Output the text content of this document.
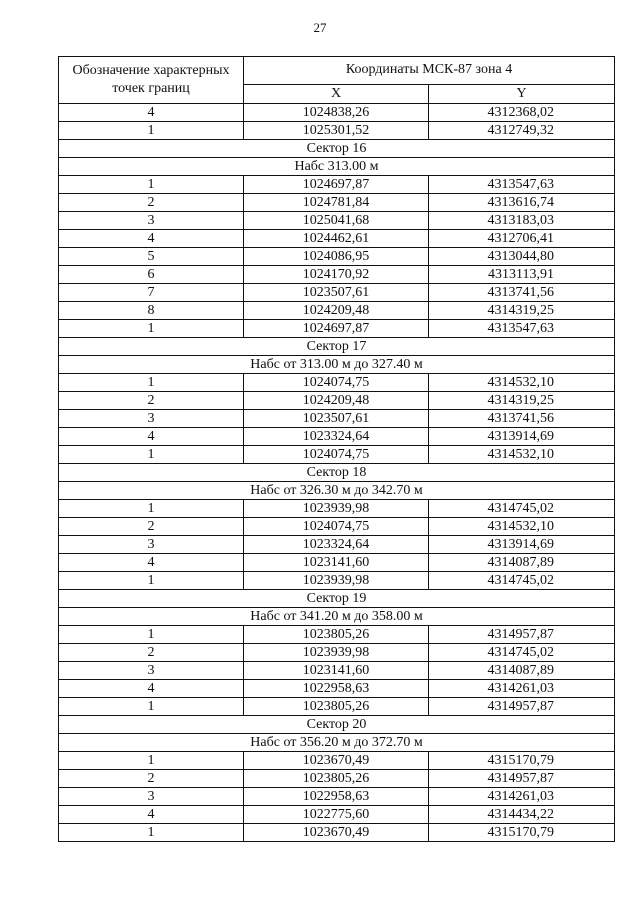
27
Обозначение характерных точек границ	Координаты МСК-87 зона 4	
	X	Y
4	1024838,26	4312368,02
1	1025301,52	4312749,32
Сектор 16		
Набс 313.00 м		
1	1024697,87	4313547,63
2	1024781,84	4313616,74
3	1025041,68	4313183,03
4	1024462,61	4312706,41
5	1024086,95	4313044,80
6	1024170,92	4313113,91
7	1023507,61	4313741,56
8	1024209,48	4314319,25
1	1024697,87	4313547,63
Сектор 17		
Набс от 313.00 м до 327.40 м		
1	1024074,75	4314532,10
2	1024209,48	4314319,25
3	1023507,61	4313741,56
4	1023324,64	4313914,69
1	1024074,75	4314532,10
Сектор 18		
Набс от 326.30 м до 342.70 м		
1	1023939,98	4314745,02
2	1024074,75	4314532,10
3	1023324,64	4313914,69
4	1023141,60	4314087,89
1	1023939,98	4314745,02
Сектор 19		
Набс от 341.20 м до 358.00 м		
1	1023805,26	4314957,87
2	1023939,98	4314745,02
3	1023141,60	4314087,89
4	1022958,63	4314261,03
1	1023805,26	4314957,87
Сектор 20		
Набс от 356.20 м до 372.70 м		
1	1023670,49	4315170,79
2	1023805,26	4314957,87
3	1022958,63	4314261,03
4	1022775,60	4314434,22
1	1023670,49	4315170,79
